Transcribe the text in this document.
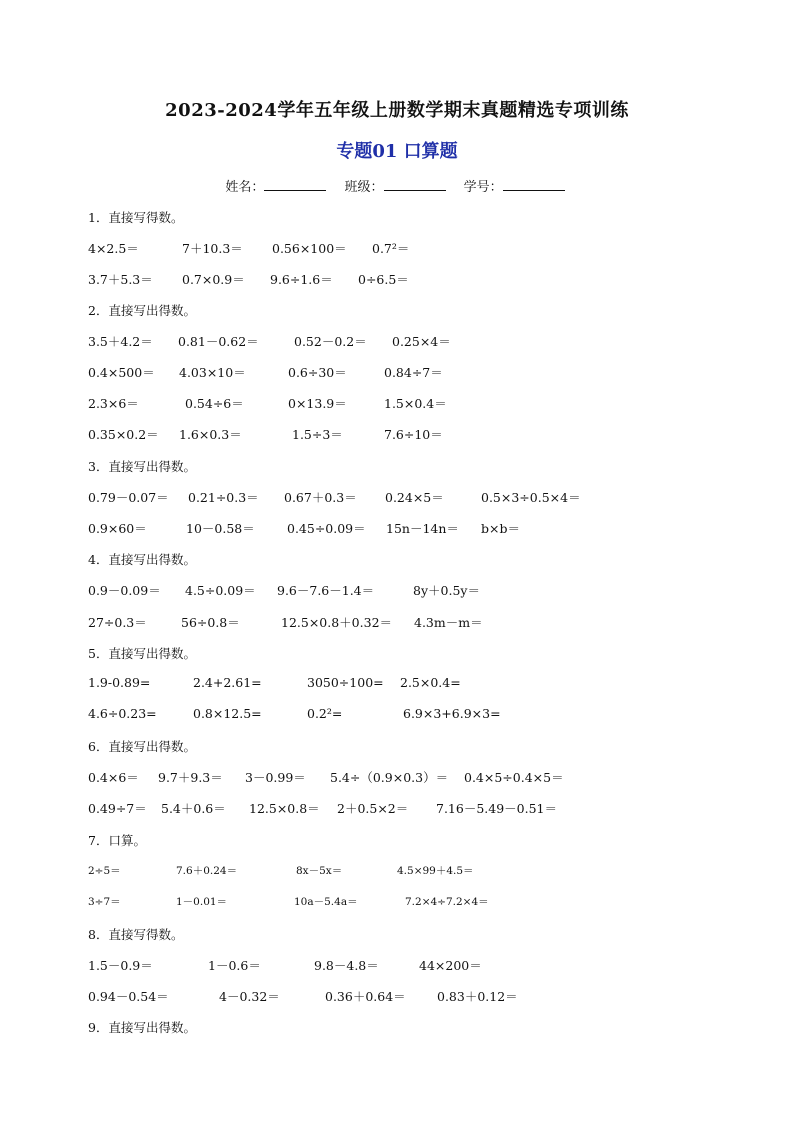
2023-2024学年五年级上册数学期末真题精选专项训练
专题01 口算题
姓名：	班级：	学号：
1．直接写得数。
4×2.5＝	7＋10.3＝ 0.56×100＝ 0.7²＝
3.7＋5.3＝ 0.7×0.9＝ 9.6÷1.6＝ 0÷6.5＝
2．直接写出得数。
3.5＋4.2＝ 0.81－0.62＝	0.52－0.2＝ 0.25×4＝
0.4×500＝ 4.03×10＝	0.6÷30＝	0.84÷7＝
2.3×6＝	0.54÷6＝	0×13.9＝	1.5×0.4＝
0.35×0.2＝ 1.6×0.3＝	1.5÷3＝	7.6÷10＝
3．直接写出得数。
0.79－0.07＝ 0.21÷0.3＝ 0.67＋0.3＝ 0.24×5＝	0.5×3÷0.5×4＝
0.9×60＝	10－0.58＝	0.45÷0.09＝ 15n－14n＝ b×b＝
4．直接写出得数。
0.9－0.09＝ 4.5÷0.09＝ 9.6－7.6－1.4＝	8y＋0.5y＝
27÷0.3＝	56÷0.8＝	12.5×0.8＋0.32＝ 4.3m－m＝
5．直接写出得数。
1.9-0.89=	2.4+2.61=	3050÷100= 2.5×0.4=
4.6÷0.23=	0.8×12.5=	0.2²=	6.9×3+6.9×3=
6．直接写出得数。
0.4×6＝ 9.7＋9.3＝ 3－0.99＝ 5.4÷（0.9×0.3）＝ 0.4×5÷0.4×5＝
0.49÷7＝ 5.4＋0.6＝ 12.5×0.8＝ 2＋0.5×2＝ 7.16－5.49－0.51＝
7．口算。
2÷5＝	7.6＋0.24＝	8x－5x＝	4.5×99＋4.5＝
3÷7＝	1－0.01＝	10a－5.4a＝	7.2×4÷7.2×4＝
8．直接写得数。
1.5－0.9＝	1－0.6＝	9.8－4.8＝	44×200＝
0.94－0.54＝	4－0.32＝	0.36＋0.64＝	0.83＋0.12＝
9．直接写出得数。
